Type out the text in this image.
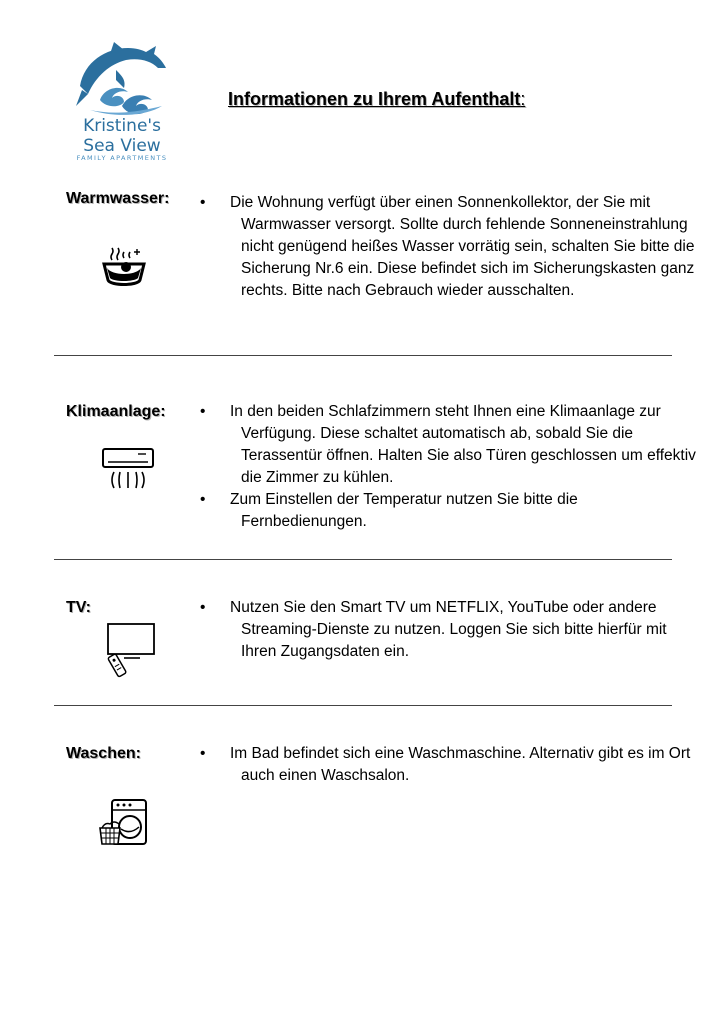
Kristine's
Sea View
FAMILY APARTMENTS
Informationen zu Ihrem Aufenthalt:
Warmwasser:	• Die Wohnung verfügt über einen Sonnenkollektor, der Sie mit Warmwasser versorgt. Sollte durch fehlende Sonneneinstrahlung nicht genügend heißes Wasser vorrätig sein, schalten Sie bitte die Sicherung Nr.6 ein. Diese befindet sich im Sicherungskasten ganz rechts. Bitte nach Gebrauch wieder ausschalten.
Klimaanlage:	• In den beiden Schlafzimmern steht Ihnen eine Klimaanlage zur Verfügung. Diese schaltet automatisch ab, sobald Sie die Terassentür öffnen. Halten Sie also Türen geschlossen um effektiv die Zimmer zu kühlen.
• Zum Einstellen der Temperatur nutzen Sie bitte die Fernbedienungen.
TV:	• Nutzen Sie den Smart TV um NETFLIX, YouTube oder andere Streaming-Dienste zu nutzen. Loggen Sie sich bitte hierfür mit Ihren Zugangsdaten ein.
Waschen:	• Im Bad befindet sich eine Waschmaschine. Alternativ gibt es im Ort auch einen Waschsalon.
